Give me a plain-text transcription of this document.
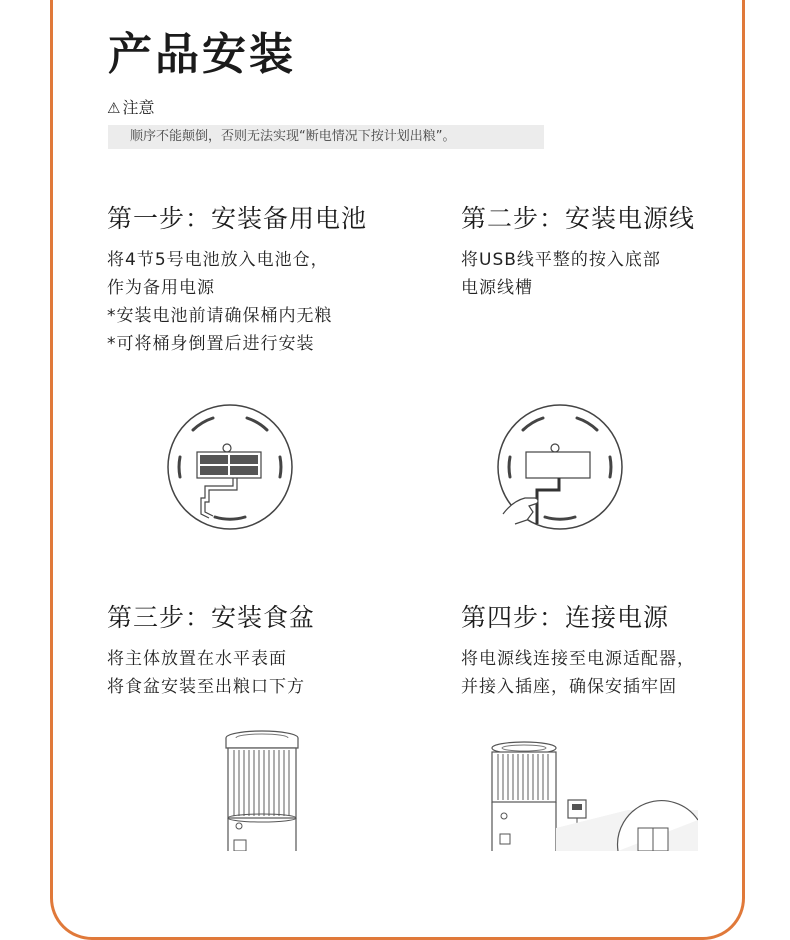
产品安装
⚠ 注意
顺序不能颠倒，否则无法实现“断电情况下按计划出粮”。
第一步：安装备用电池
将4节5号电池放入电池仓，
作为备用电源
*安装电池前请确保桶内无粮
*可将桶身倒置后进行安装
第二步：安装电源线
将USB线平整的按入底部
电源线槽
第三步：安装食盆
将主体放置在水平表面
将食盆安装至出粮口下方
第四步：连接电源
将电源线连接至电源适配器，
并接入插座，确保安插牢固
